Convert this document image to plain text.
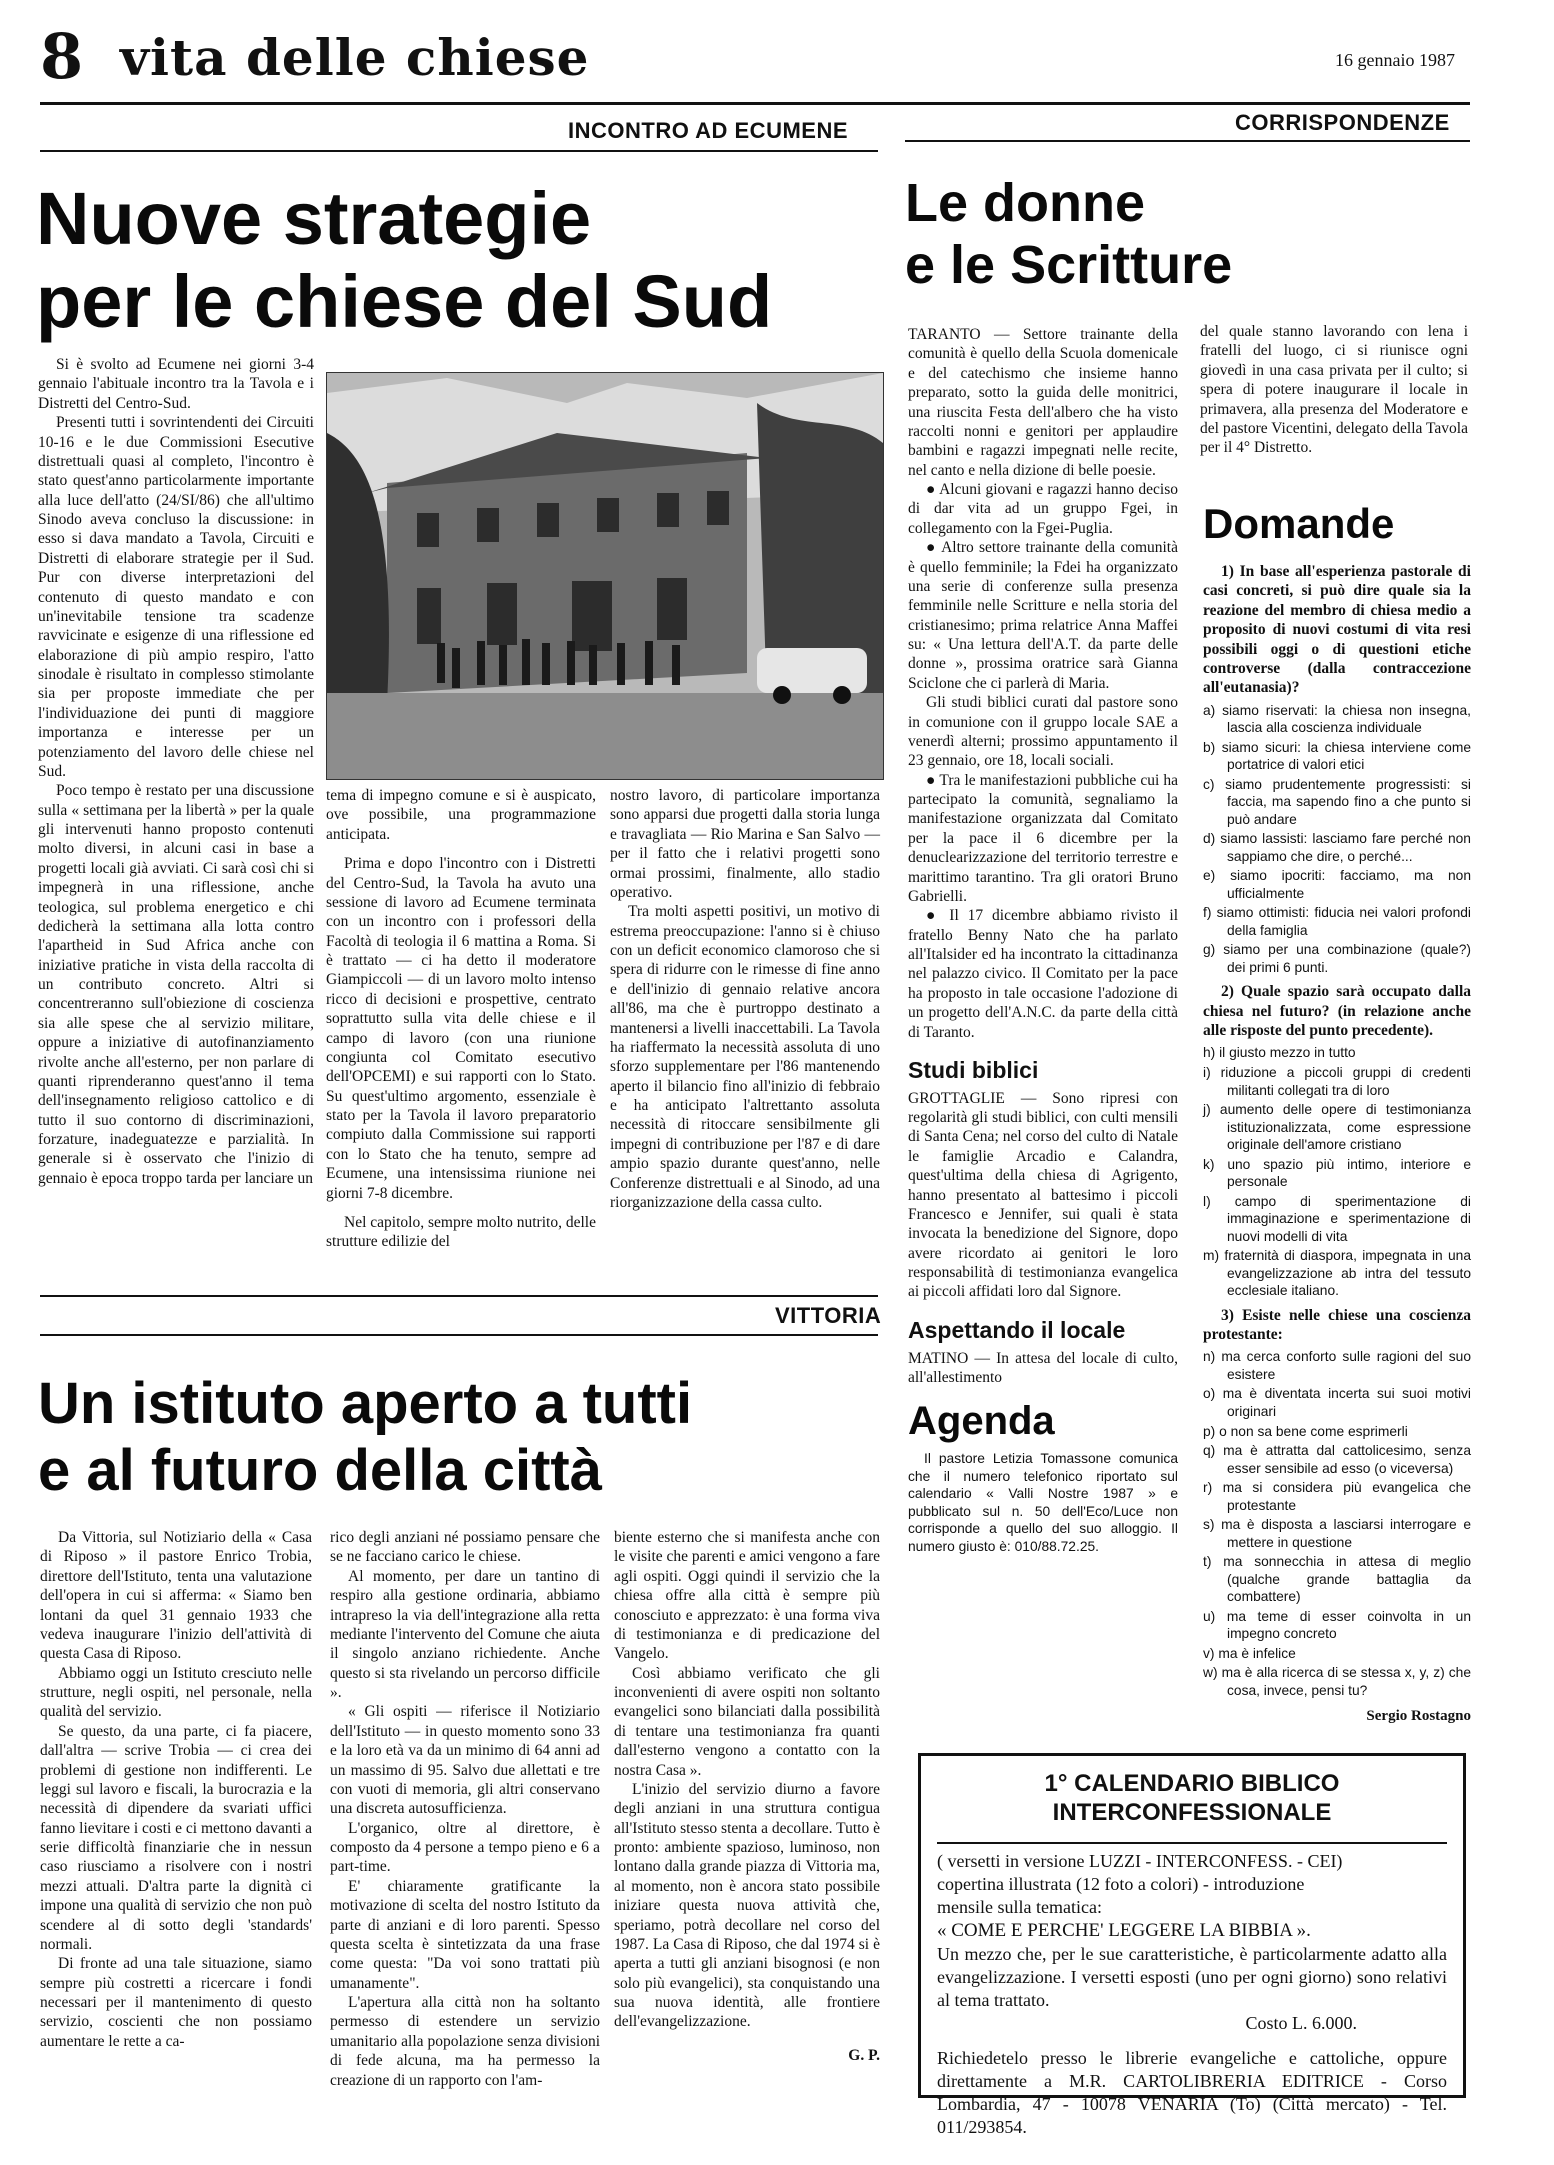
8 vita delle chiese	16 gennaio 1987
INCONTRO AD ECUMENE
Nuove strategie
per le chiese del Sud

Si è svolto ad Ecumene nei giorni 3-4 gennaio l'abituale incontro tra la Tavola e i Distretti del Centro-Sud.

Presenti tutti i sovrintendenti dei Circuiti 10-16 e le due Commissioni Esecutive distrettuali quasi al completo, l'incontro è stato quest'anno particolarmente importante alla luce dell'atto (24/SI/86) che all'ultimo Sinodo aveva concluso la discussione: in esso si dava mandato a Tavola, Circuiti e Distretti di elaborare strategie per il Sud. Pur con diverse interpretazioni del contenuto di questo mandato e con un'inevitabile tensione tra scadenze ravvicinate e esigenze di una riflessione ed elaborazione di più ampio respiro, l'atto sinodale è risultato in complesso stimolante sia per proposte immediate che per l'individuazione dei punti di maggiore importanza e interesse per un potenziamento del lavoro delle chiese nel Sud.

Poco tempo è restato per una discussione sulla « settimana per la libertà » per la quale gli intervenuti hanno proposto contenuti molto diversi, in alcuni casi in base a progetti locali già avviati. Ci sarà così chi si impegnerà in una riflessione, anche teologica, sul problema energetico e chi dedicherà la settimana alla lotta contro l'apartheid in Sud Africa anche con iniziative pratiche in vista della raccolta di un contributo concreto. Altri si concentreranno sull'obiezione di coscienza sia alle spese che al servizio militare, oppure a iniziative di autofinanziamento rivolte anche all'esterno, per non parlare di quanti riprenderanno quest'anno il tema dell'insegnamento religioso cattolico e di tutto il suo contorno di discriminazioni, forzature, inadeguatezze e parzialità. In generale si è osservato che l'inizio di gennaio è epoca troppo tarda per lanciare un

tema di impegno comune e si è auspicato, ove possibile, una programmazione anticipata.

Prima e dopo l'incontro con i Distretti del Centro-Sud, la Tavola ha avuto una sessione di lavoro ad Ecumene terminata con un incontro con i professori della Facoltà di teologia il 6 mattina a Roma. Si è trattato — ci ha detto il moderatore Giampiccoli — di un lavoro molto intenso ricco di decisioni e prospettive, centrato soprattutto sulla vita delle chiese e il campo di lavoro (con una riunione congiunta col Comitato esecutivo dell'OPCEMI) e sui rapporti con lo Stato. Su quest'ultimo argomento, essenziale è stato per la Tavola il lavoro preparatorio compiuto dalla Commissione sui rapporti con lo Stato che ha tenuto, sempre ad Ecumene, una intensissima riunione nei giorni 7-8 dicembre.

Nel capitolo, sempre molto nutrito, delle strutture edilizie del

nostro lavoro, di particolare importanza sono apparsi due progetti dalla storia lunga e travagliata — Rio Marina e San Salvo — per il fatto che i relativi progetti sono ormai prossimi, finalmente, allo stadio operativo.

Tra molti aspetti positivi, un motivo di estrema preoccupazione: l'anno si è chiuso con un deficit economico clamoroso che si spera di ridurre con le rimesse di fine anno e dell'inizio di gennaio relative ancora all'86, ma che è purtroppo destinato a mantenersi a livelli inaccettabili. La Tavola ha riaffermato la necessità assoluta di uno sforzo supplementare per l'86 mantenendo aperto il bilancio fino all'inizio di febbraio e ha anticipato l'altrettanto assoluta necessità di ritoccare sensibilmente gli impegni di contribuzione per l'87 e di dare ampio spazio durante quest'anno, nelle Conferenze distrettuali e al Sinodo, ad una riorganizzazione della cassa culto.

CORRISPONDENZE
Le donne
e le Scritture

TARANTO — Settore trainante della comunità è quello della Scuola domenicale e del catechismo che insieme hanno preparato, sotto la guida delle monitrici, una riuscita Festa dell'albero che ha visto raccolti nonni e genitori per applaudire bambini e ragazzi impegnati nelle recite, nel canto e nella dizione di belle poesie.

● Alcuni giovani e ragazzi hanno deciso di dar vita ad un gruppo Fgei, in collegamento con la Fgei-Puglia.

● Altro settore trainante della comunità è quello femminile; la Fdei ha organizzato una serie di conferenze sulla presenza femminile nelle Scritture e nella storia del cristianesimo; prima relatrice Anna Maffei su: « Una lettura dell'A.T. da parte delle donne », prossima oratrice sarà Gianna Sciclone che ci parlerà di Maria.

Gli studi biblici curati dal pastore sono in comunione con il gruppo locale SAE a venerdì alterni; prossimo appuntamento il 23 gennaio, ore 18, locali sociali.

● Tra le manifestazioni pubbliche cui ha partecipato la comunità, segnaliamo la manifestazione organizzata dal Comitato per la pace il 6 dicembre per la denuclearizzazione del territorio terrestre e marittimo tarantino. Tra gli oratori Bruno Gabrielli.

● Il 17 dicembre abbiamo rivisto il fratello Benny Nato che ha parlato all'Italsider ed ha incontrato la cittadinanza nel palazzo civico. Il Comitato per la pace ha proposto in tale occasione l'adozione di un progetto dell'A.N.C. da parte della città di Taranto.

Studi biblici

GROTTAGLIE — Sono ripresi con regolarità gli studi biblici, con culti mensili di Santa Cena; nel corso del culto di Natale le famiglie Arcadio e Calandra, quest'ultima della chiesa di Agrigento, hanno presentato al battesimo i piccoli Francesco e Jennifer, sui quali è stata invocata la benedizione del Signore, dopo avere ricordato ai genitori le loro responsabilità di testimonianza evangelica ai piccoli affidati loro dal Signore.

Aspettando il locale

MATINO — In attesa del locale di culto, all'allestimento

Agenda

Il pastore Letizia Tomassone comunica che il numero telefonico riportato sul calendario « Valli Nostre 1987 » e pubblicato sul n. 50 dell'Eco/Luce non corrisponde a quello del suo alloggio. Il numero giusto è: 010/88.72.25.

del quale stanno lavorando con lena i fratelli del luogo, ci si riunisce ogni giovedì in una casa privata per il culto; si spera di potere inaugurare il locale in primavera, alla presenza del Moderatore e del pastore Vicentini, delegato della Tavola per il 4° Distretto.

Domande

1) In base all'esperienza pastorale di casi concreti, si può dire quale sia la reazione del membro di chiesa medio a proposito di nuovi costumi di vita resi possibili oggi o di questioni etiche controverse (dalla contraccezione all'eutanasia)?

a) siamo riservati: la chiesa non insegna, lascia alla coscienza individuale
b) siamo sicuri: la chiesa interviene come portatrice di valori etici
c) siamo prudentemente progressisti: si faccia, ma sapendo fino a che punto si può andare
d) siamo lassisti: lasciamo fare perché non sappiamo che dire, o perché...
e) siamo ipocriti: facciamo, ma non ufficialmente
f) siamo ottimisti: fiducia nei valori profondi della famiglia
g) siamo per una combinazione (quale?) dei primi 6 punti.

2) Quale spazio sarà occupato dalla chiesa nel futuro? (in relazione anche alle risposte del punto precedente).

h) il giusto mezzo in tutto
i) riduzione a piccoli gruppi di credenti militanti collegati tra di loro
j) aumento delle opere di testimonianza istituzionalizzata, come espressione originale dell'amore cristiano
k) uno spazio più intimo, interiore e personale
l) campo di sperimentazione di immaginazione e sperimentazione di nuovi modelli di vita
m) fraternità di diaspora, impegnata in una evangelizzazione ab intra del tessuto ecclesiale italiano.

3) Esiste nelle chiese una coscienza protestante:

n) ma cerca conforto sulle ragioni del suo esistere
o) ma è diventata incerta sui suoi motivi originari
p) o non sa bene come esprimerli
q) ma è attratta dal cattolicesimo, senza esser sensibile ad esso (o viceversa)
r) ma si considera più evangelica che protestante
s) ma è disposta a lasciarsi interrogare e mettere in questione
t) ma sonnecchia in attesa di meglio (qualche grande battaglia da combattere)
u) ma teme di esser coinvolta in un impegno concreto
v) ma è infelice
w) ma è alla ricerca di se stessa x, y, z) che cosa, invece, pensi tu?
Sergio Rostagno
VITTORIA
Un istituto aperto a tutti
e al futuro della città

Da Vittoria, sul Notiziario della « Casa di Riposo » il pastore Enrico Trobia, direttore dell'Istituto, tenta una valutazione dell'opera in cui si afferma: « Siamo ben lontani da quel 31 gennaio 1933 che vedeva inaugurare l'inizio dell'attività di questa Casa di Riposo.

Abbiamo oggi un Istituto cresciuto nelle strutture, negli ospiti, nel personale, nella qualità del servizio.

Se questo, da una parte, ci fa piacere, dall'altra — scrive Trobia — ci crea dei problemi di gestione non indifferenti. Le leggi sul lavoro e fiscali, la burocrazia e la necessità di dipendere da svariati uffici fanno lievitare i costi e ci mettono davanti a serie difficoltà finanziarie che in nessun caso riusciamo a risolvere con i nostri mezzi attuali. D'altra parte la dignità ci impone una qualità di servizio che non può scendere al di sotto degli 'standards' normali.

Di fronte ad una tale situazione, siamo sempre più costretti a ricercare i fondi necessari per il mantenimento di questo servizio, coscienti che non possiamo aumentare le rette a ca-

rico degli anziani né possiamo pensare che se ne facciano carico le chiese.

Al momento, per dare un tantino di respiro alla gestione ordinaria, abbiamo intrapreso la via dell'integrazione alla retta mediante l'intervento del Comune che aiuta il singolo anziano richiedente. Anche questo si sta rivelando un percorso difficile ».

« Gli ospiti — riferisce il Notiziario dell'Istituto — in questo momento sono 33 e la loro età va da un minimo di 64 anni ad un massimo di 95. Salvo due allettati e tre con vuoti di memoria, gli altri conservano una discreta autosufficienza.

L'organico, oltre al direttore, è composto da 4 persone a tempo pieno e 6 a part-time.

E' chiaramente gratificante la motivazione di scelta del nostro Istituto da parte di anziani e di loro parenti. Spesso questa scelta è sintetizzata da una frase come questa: "Da voi sono trattati più umanamente".

L'apertura alla città non ha soltanto permesso di estendere un servizio umanitario alla popolazione senza divisioni di fede alcuna, ma ha permesso la creazione di un rapporto con l'am-

biente esterno che si manifesta anche con le visite che parenti e amici vengono a fare agli ospiti. Oggi quindi il servizio che la chiesa offre alla città è sempre più conosciuto e apprezzato: è una forma viva di testimonianza e di predicazione del Vangelo.

Così abbiamo verificato che gli inconvenienti di avere ospiti non soltanto evangelici sono bilanciati dalla possibilità di tentare una testimonianza fra quanti dall'esterno vengono a contatto con la nostra Casa ».

L'inizio del servizio diurno a favore degli anziani in una struttura contigua all'Istituto stesso stenta a decollare. Tutto è pronto: ambiente spazioso, luminoso, non lontano dalla grande piazza di Vittoria ma, al momento, non è ancora stato possibile iniziare questa nuova attività che, speriamo, potrà decollare nel corso del 1987. La Casa di Riposo, che dal 1974 si è aperta a tutti gli anziani bisognosi (e non solo più evangelici), sta conquistando una sua nuova identità, alle frontiere dell'evangelizzazione.

G. P.
1° CALENDARIO BIBLICO
INTERCONFESSIONALE
( versetti in versione LUZZI - INTERCONFESS. - CEI)
copertina illustrata (12 foto a colori) - introduzione
mensile sulla tematica:
« COME E PERCHE' LEGGERE LA BIBBIA ».
Un mezzo che, per le sue caratteristiche, è particolarmente adatto alla evangelizzazione. I versetti esposti (uno per ogni giorno) sono relativi al tema trattato.
Costo L. 6.000.
Richiedetelo presso le librerie evangeliche e cattoliche, oppure direttamente a M.R. CARTOLIBRERIA EDITRICE - Corso Lombardia, 47 - 10078 VENARIA (To) (Città mercato) - Tel. 011/293854.
